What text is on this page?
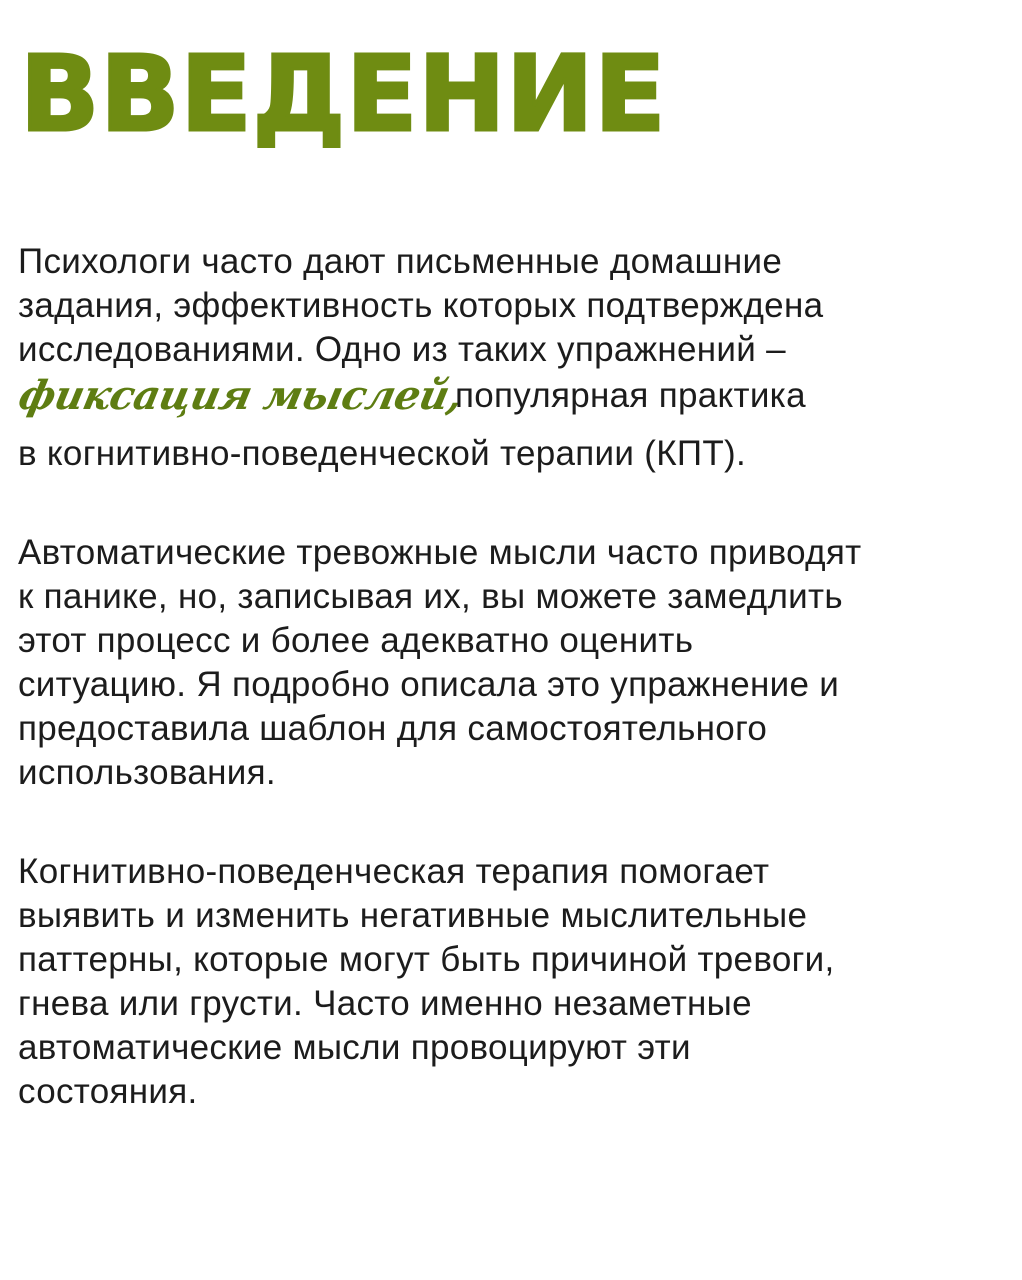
ВВЕДЕНИЕ
Психологи часто дают письменные домашние
задания, эффективность которых подтверждена
исследованиями. Одно из таких упражнений –
фиксация мыслей,
популярная практика
в когнитивно-поведенческой терапии (КПТ).
Автоматические тревожные мысли часто приводят
к панике, но, записывая их, вы можете замедлить
этот процесс и более адекватно оценить
ситуацию. Я подробно описала это упражнение и
предоставила шаблон для самостоятельного
использования.
Когнитивно-поведенческая терапия помогает
выявить и изменить негативные мыслительные
паттерны, которые могут быть причиной тревоги,
гнева или грусти. Часто именно незаметные
автоматические мысли провоцируют эти
состояния.
